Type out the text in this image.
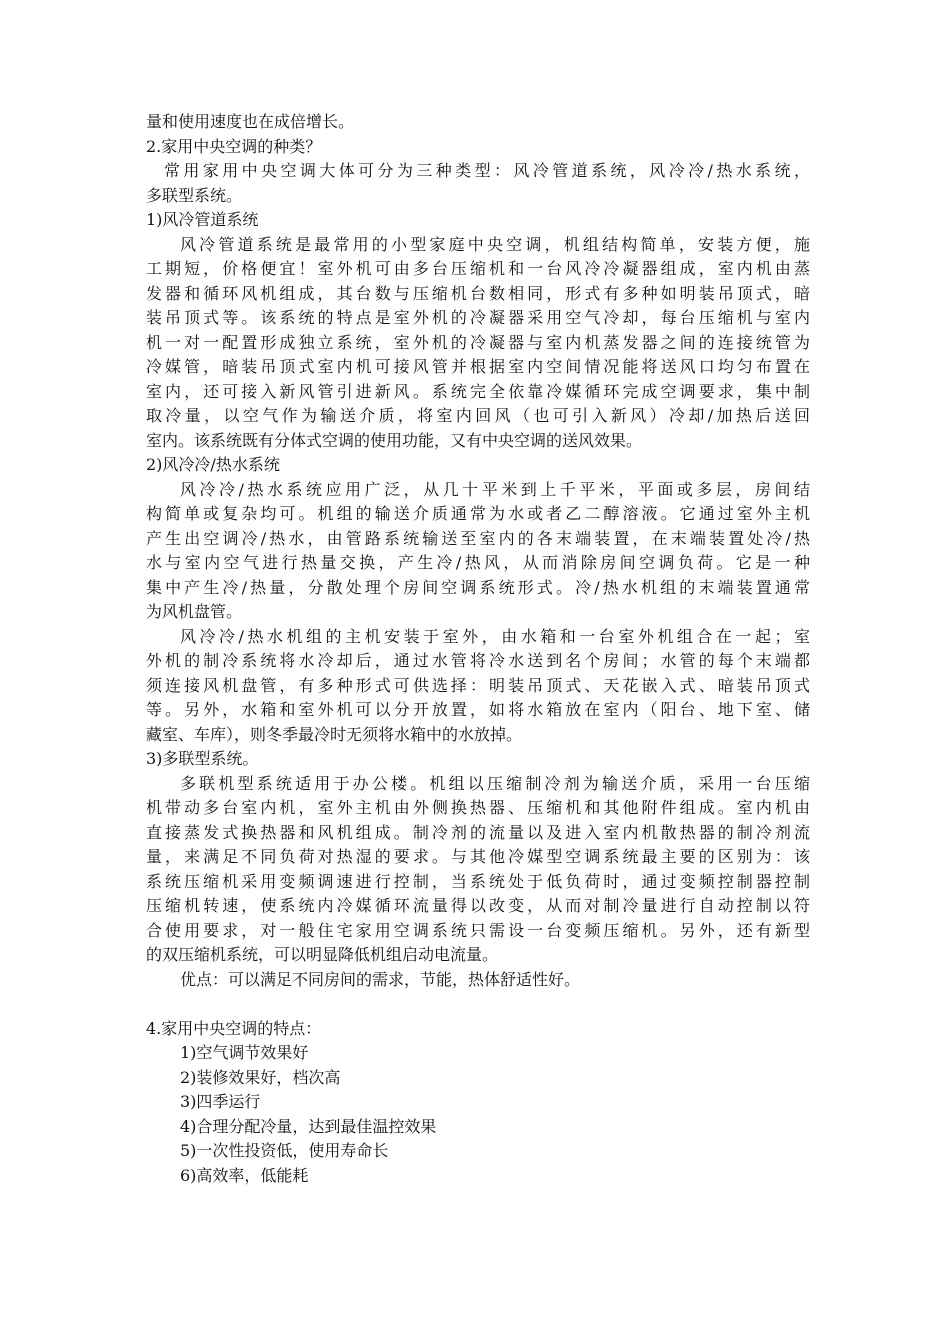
量和使用速度也在成倍增长。
2.家用中央空调的种类？
常用家用中央空调大体可分为三种类型：风冷管道系统，风冷冷/热水系统，
多联型系统。
1)风冷管道系统
风冷管道系统是最常用的小型家庭中央空调，机组结构简单，安装方便，施
工期短，价格便宜！室外机可由多台压缩机和一台风冷冷凝器组成，室内机由蒸
发器和循环风机组成，其台数与压缩机台数相同，形式有多种如明装吊顶式，暗
装吊顶式等。该系统的特点是室外机的冷凝器采用空气冷却，每台压缩机与室内
机一对一配置形成独立系统，室外机的冷凝器与室内机蒸发器之间的连接统管为
冷媒管，暗装吊顶式室内机可接风管并根据室内空间情况能将送风口均匀布置在
室内，还可接入新风管引进新风。系统完全依靠冷媒循环完成空调要求，集中制
取冷量，以空气作为输送介质，将室内回风（也可引入新风）冷却/加热后送回
室内。该系统既有分体式空调的使用功能，又有中央空调的送风效果。
2)风冷冷/热水系统
风冷冷/热水系统应用广泛，从几十平米到上千平米，平面或多层，房间结
构简单或复杂均可。机组的输送介质通常为水或者乙二醇溶液。它通过室外主机
产生出空调冷/热水，由管路系统输送至室内的各末端装置，在末端装置处冷/热
水与室内空气进行热量交换，产生冷/热风，从而消除房间空调负荷。它是一种
集中产生冷/热量，分散处理个房间空调系统形式。冷/热水机组的末端装置通常
为风机盘管。
风冷冷/热水机组的主机安装于室外，由水箱和一台室外机组合在一起；室
外机的制冷系统将水冷却后，通过水管将冷水送到名个房间；水管的每个末端都
须连接风机盘管，有多种形式可供选择：明装吊顶式、天花嵌入式、暗装吊顶式
等。另外，水箱和室外机可以分开放置，如将水箱放在室内（阳台、地下室、储
藏室、车库），则冬季最冷时无须将水箱中的水放掉。
3)多联型系统。
多联机型系统适用于办公楼。机组以压缩制冷剂为输送介质，采用一台压缩
机带动多台室内机，室外主机由外侧换热器、压缩机和其他附件组成。室内机由
直接蒸发式换热器和风机组成。制冷剂的流量以及进入室内机散热器的制冷剂流
量，来满足不同负荷对热湿的要求。与其他冷媒型空调系统最主要的区别为：该
系统压缩机采用变频调速进行控制，当系统处于低负荷时，通过变频控制器控制
压缩机转速，使系统内冷媒循环流量得以改变，从而对制冷量进行自动控制以符
合使用要求，对一般住宅家用空调系统只需设一台变频压缩机。另外，还有新型
的双压缩机系统，可以明显降低机组启动电流量。
优点：可以满足不同房间的需求，节能，热体舒适性好。
4.家用中央空调的特点：
1)空气调节效果好
2)装修效果好，档次高
3)四季运行
4)合理分配冷量，达到最佳温控效果
5)一次性投资低，使用寿命长
6)高效率，低能耗
